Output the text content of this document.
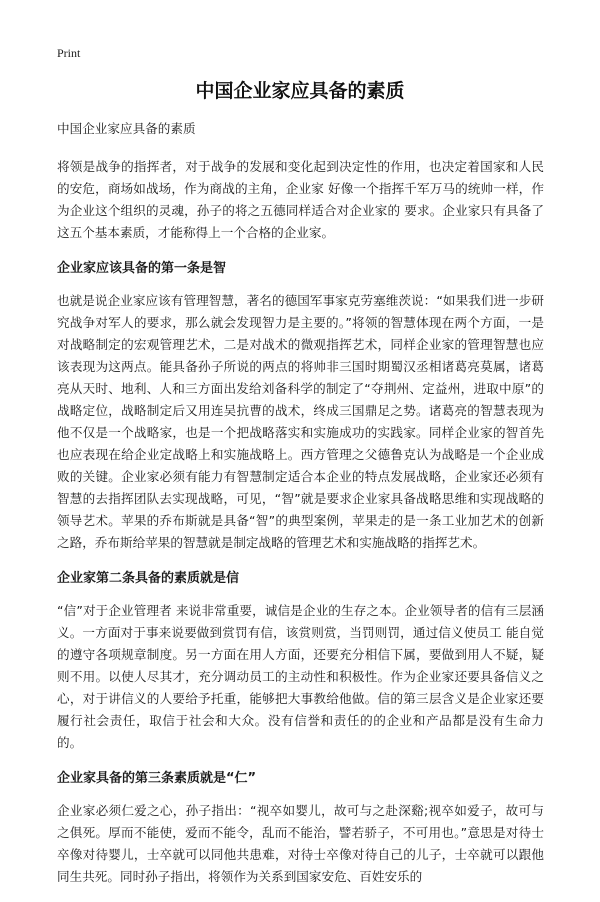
Print
中国企业家应具备的素质

中国企业家应具备的素质

将领是战争的指挥者，对于战争的发展和变化起到决定性的作用，也决定着国家和人民的安危，商场如战场，作为商战的主角，企业家 好像一个指挥千军万马的统帅一样，作为企业这个组织的灵魂，孙子的将之五德同样适合对企业家的 要求。企业家只有具备了这五个基本素质，才能称得上一个合格的企业家。

企业家应该具备的第一条是智

也就是说企业家应该有管理智慧，著名的德国军事家克劳塞维茨说：“如果我们进一步研究战争对军人的要求，那么就会发现智力是主要的。”将领的智慧体现在两个方面，一是对战略制定的宏观管理艺术，二是对战术的微观指挥艺术，同样企业家的管理智慧也应该表现为这两点。能具备孙子所说的两点的将帅非三国时期蜀汉丞相诸葛亮莫属，诸葛亮从天时、地利、人和三方面出发给刘备科学的制定了“夺荆州、定益州，进取中原”的战略定位，战略制定后又用连吴抗曹的战术，终成三国鼎足之势。诸葛亮的智慧表现为他不仅是一个战略家，也是一个把战略落实和实施成功的实践家。同样企业家的智首先也应表现在给企业定战略上和实施战略上。西方管理之父德鲁克认为战略是一个企业成败的关键。企业家必须有能力有智慧制定适合本企业的特点发展战略，企业家还必须有智慧的去指挥团队去实现战略，可见，“智”就是要求企业家具备战略思维和实现战略的领导艺术。苹果的乔布斯就是具备“智”的典型案例，苹果走的是一条工业加艺术的创新之路，乔布斯给苹果的智慧就是制定战略的管理艺术和实施战略的指挥艺术。

企业家第二条具备的素质就是信

“信”对于企业管理者 来说非常重要，诚信是企业的生存之本。企业领导者的信有三层涵义。一方面对于事来说要做到赏罚有信，该赏则赏，当罚则罚，通过信义使员工 能自觉的遵守各项规章制度。另一方面在用人方面，还要充分相信下属，要做到用人不疑，疑则不用。以使人尽其才，充分调动员工的主动性和积极性。作为企业家还要具备信义之心，对于讲信义的人要给予托重，能够把大事教给他做。信的第三层含义是企业家还要履行社会责任，取信于社会和大众。没有信誉和责任的的企业和产品都是没有生命力的。

企业家具备的第三条素质就是“仁”

企业家必须仁爱之心，孙子指出：“视卒如婴儿，故可与之赴深谿;视卒如爱子，故可与之俱死。厚而不能使，爱而不能令，乱而不能治，譬若骄子，不可用也。”意思是对待士卒像对待婴儿，士卒就可以同他共患难，对待士卒像对待自己的儿子，士卒就可以跟他同生共死。同时孙子指出，将领作为关系到国家安危、百姓安乐的
